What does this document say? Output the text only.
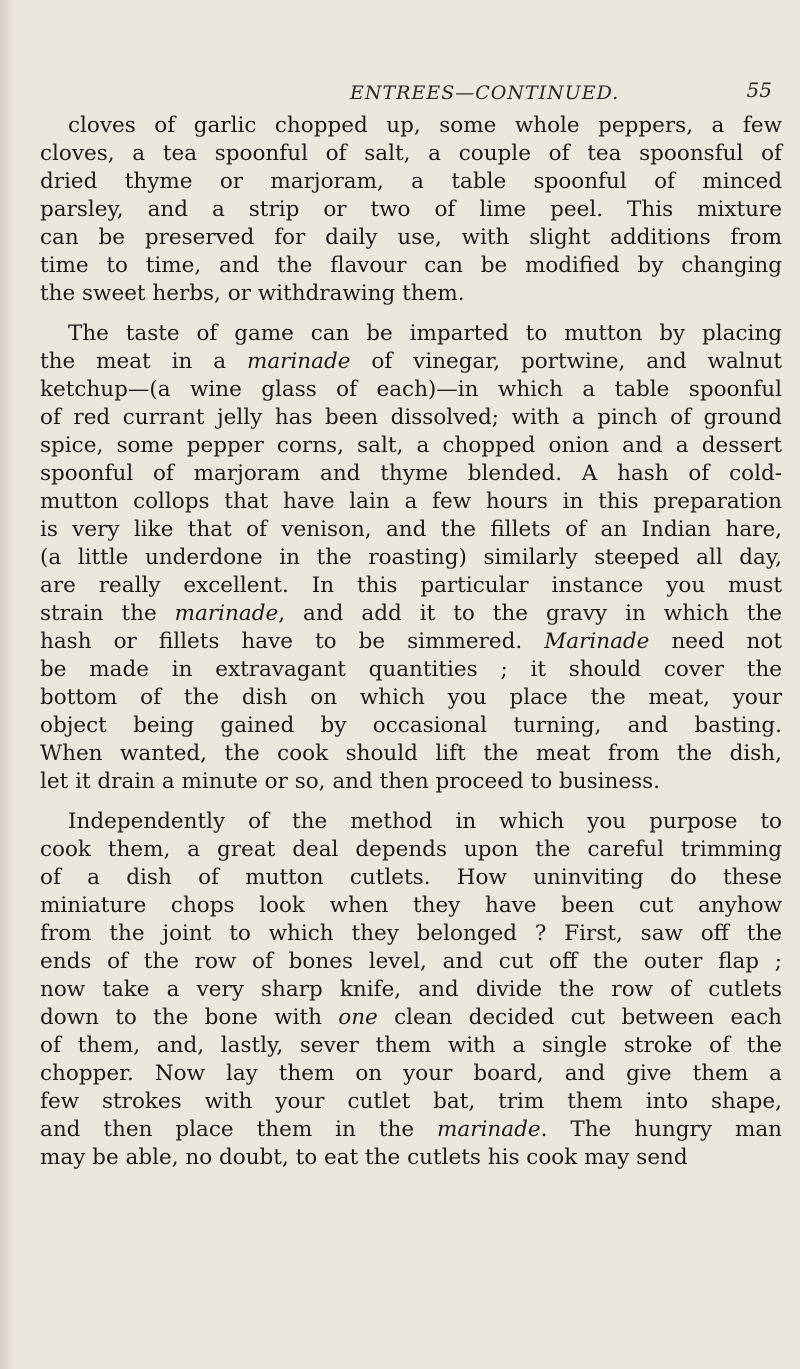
ENTREES—CONTINUED.	55

cloves of garlic chopped up, some whole peppers, a few
cloves, a tea spoonful of salt, a couple of tea spoonsful of
dried thyme or marjoram, a table spoonful of minced
parsley, and a strip or two of lime peel. This mixture
can be preserved for daily use, with slight additions from
time to time, and the flavour can be modified by changing
the sweet herbs, or withdrawing them.

The taste of game can be imparted to mutton by placing
the meat in a marinade of vinegar, portwine, and walnut
ketchup—(a wine glass of each)—in which a table spoonful
of red currant jelly has been dissolved; with a pinch of ground
spice, some pepper corns, salt, a chopped onion and a dessert
spoonful of marjoram and thyme blended. A hash of cold-
mutton collops that have lain a few hours in this preparation
is very like that of venison, and the fillets of an Indian hare,
(a little underdone in the roasting) similarly steeped all day,
are really excellent. In this particular instance you must
strain the marinade, and add it to the gravy in which the
hash or fillets have to be simmered. Marinade need not
be made in extravagant quantities ; it should cover the
bottom of the dish on which you place the meat, your
object being gained by occasional turning, and basting.
When wanted, the cook should lift the meat from the dish,
let it drain a minute or so, and then proceed to business.

Independently of the method in which you purpose to
cook them, a great deal depends upon the careful trimming
of a dish of mutton cutlets. How uninviting do these
miniature chops look when they have been cut anyhow
from the joint to which they belonged ? First, saw off the
ends of the row of bones level, and cut off the outer flap ;
now take a very sharp knife, and divide the row of cutlets
down to the bone with one clean decided cut between each
of them, and, lastly, sever them with a single stroke of the
chopper. Now lay them on your board, and give them a
few strokes with your cutlet bat, trim them into shape,
and then place them in the marinade. The hungry man
may be able, no doubt, to eat the cutlets his cook may send
